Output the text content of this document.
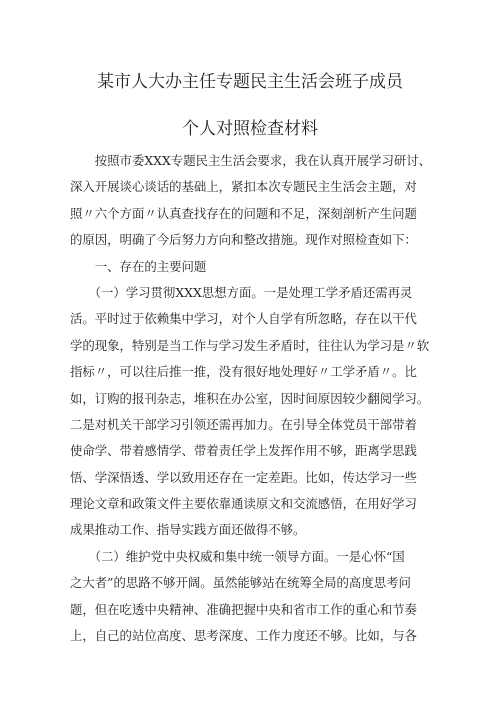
某市人大办主任专题民主生活会班子成员
个人对照检查材料
　　按照市委XXX专题民主生活会要求，我在认真开展学习研讨、
深入开展谈心谈话的基础上，紧扣本次专题民主生活会主题，对
照〃六个方面〃认真查找存在的问题和不足，深刻剖析产生问题
的原因，明确了今后努力方向和整改措施。现作对照检查如下：
　　一、存在的主要问题
　　（一）学习贯彻XXX思想方面。一是处理工学矛盾还需再灵
活。平时过于依赖集中学习，对个人自学有所忽略，存在以干代
学的现象，特别是当工作与学习发生矛盾时，往往认为学习是〃软
指标〃，可以往后推一推，没有很好地处理好〃工学矛盾〃。比
如，订购的报刊杂志，堆积在办公室，因时间原因较少翻阅学习。
二是对机关干部学习引领还需再加力。在引导全体党员干部带着
使命学、带着感情学、带着责任学上发挥作用不够，距离学思践
悟、学深悟透、学以致用还存在一定差距。比如，传达学习一些
理论文章和政策文件主要依靠通读原文和交流感悟，在用好学习
成果推动工作、指导实践方面还做得不够。
　　（二）维护党中央权威和集中统一领导方面。一是心怀“国
之大者”的思路不够开阔。虽然能够站在统筹全局的高度思考问
题，但在吃透中央精神、准确把握中央和省市工作的重心和节奏
上，自己的站位高度、思考深度、工作力度还不够。比如，与各
